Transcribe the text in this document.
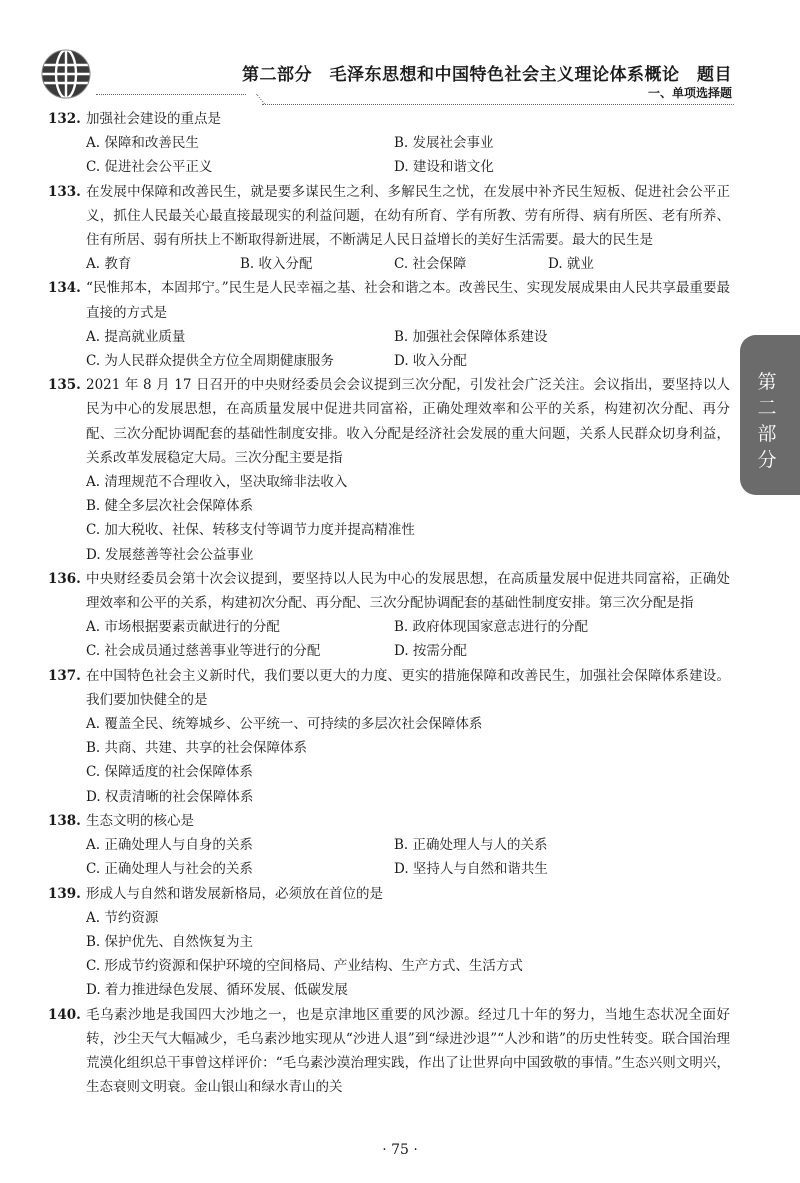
第二部分　毛泽东思想和中国特色社会主义理论体系概论　题目
一、单项选择题
第二部分
132. 加强社会建设的重点是
A. 保障和改善民生	B. 发展社会事业
C. 促进社会公平正义	D. 建设和谐文化
133. 在发展中保障和改善民生，就是要多谋民生之利、多解民生之忧，在发展中补齐民生短板、促进社会公平正义，抓住人民最关心最直接最现实的利益问题，在幼有所育、学有所教、劳有所得、病有所医、老有所养、住有所居、弱有所扶上不断取得新进展，不断满足人民日益增长的美好生活需要。最大的民生是
A. 教育	B. 收入分配	C. 社会保障	D. 就业
134. “民惟邦本，本固邦宁。”民生是人民幸福之基、社会和谐之本。改善民生、实现发展成果由人民共享最重要最直接的方式是
A. 提高就业质量	B. 加强社会保障体系建设
C. 为人民群众提供全方位全周期健康服务	D. 收入分配
135. 2021 年 8 月 17 日召开的中央财经委员会会议提到三次分配，引发社会广泛关注。会议指出，要坚持以人民为中心的发展思想，在高质量发展中促进共同富裕，正确处理效率和公平的关系，构建初次分配、再分配、三次分配协调配套的基础性制度安排。收入分配是经济社会发展的重大问题，关系人民群众切身利益，关系改革发展稳定大局。三次分配主要是指
A. 清理规范不合理收入，坚决取缔非法收入
B. 健全多层次社会保障体系
C. 加大税收、社保、转移支付等调节力度并提高精准性
D. 发展慈善等社会公益事业
136. 中央财经委员会第十次会议提到，要坚持以人民为中心的发展思想，在高质量发展中促进共同富裕，正确处理效率和公平的关系，构建初次分配、再分配、三次分配协调配套的基础性制度安排。第三次分配是指
A. 市场根据要素贡献进行的分配	B. 政府体现国家意志进行的分配
C. 社会成员通过慈善事业等进行的分配	D. 按需分配
137. 在中国特色社会主义新时代，我们要以更大的力度、更实的措施保障和改善民生，加强社会保障体系建设。我们要加快健全的是
A. 覆盖全民、统筹城乡、公平统一、可持续的多层次社会保障体系
B. 共商、共建、共享的社会保障体系
C. 保障适度的社会保障体系
D. 权责清晰的社会保障体系
138. 生态文明的核心是
A. 正确处理人与自身的关系	B. 正确处理人与人的关系
C. 正确处理人与社会的关系	D. 坚持人与自然和谐共生
139. 形成人与自然和谐发展新格局，必须放在首位的是
A. 节约资源
B. 保护优先、自然恢复为主
C. 形成节约资源和保护环境的空间格局、产业结构、生产方式、生活方式
D. 着力推进绿色发展、循环发展、低碳发展
140. 毛乌素沙地是我国四大沙地之一，也是京津地区重要的风沙源。经过几十年的努力，当地生态状况全面好转，沙尘天气大幅减少，毛乌素沙地实现从“沙进人退”到“绿进沙退”“人沙和谐”的历史性转变。联合国治理荒漠化组织总干事曾这样评价：“毛乌素沙漠治理实践，作出了让世界向中国致敬的事情。”生态兴则文明兴，生态衰则文明衰。金山银山和绿水青山的关
· 75 ·
